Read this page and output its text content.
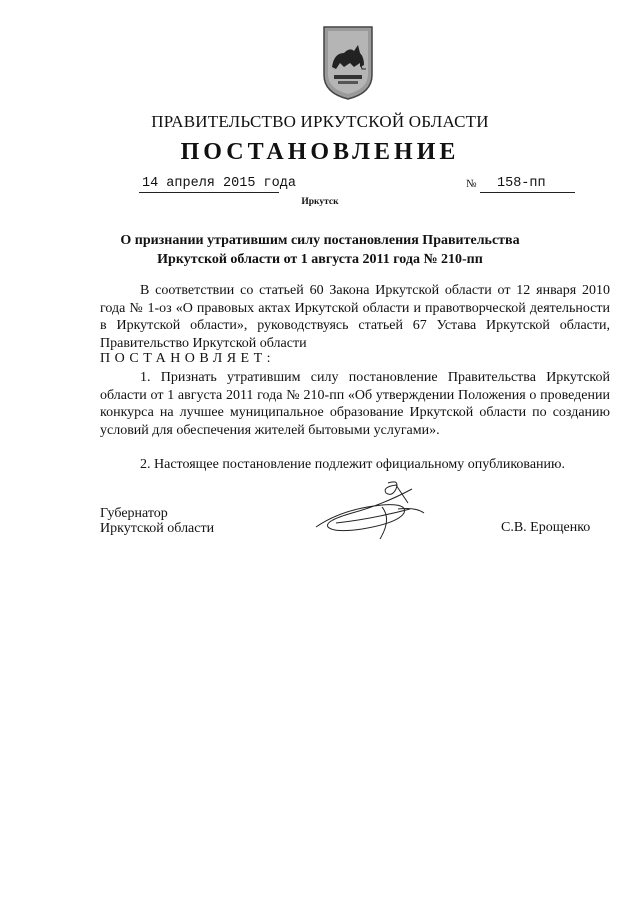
ПРАВИТЕЛЬСТВО ИРКУТСКОЙ ОБЛАСТИ
ПОСТАНОВЛЕНИЕ
14 апреля 2015 года	№ 158-пп
Иркутск
О признании утратившим силу постановления Правительства
Иркутской области от 1 августа 2011 года № 210-пп
В соответствии со статьей 60 Закона Иркутской области от 12 января 2010 года № 1-оз «О правовых актах Иркутской области и правотворческой деятельности в Иркутской области», руководствуясь статьей 67 Устава Иркутской области, Правительство Иркутской области
ПОСТАНОВЛЯЕТ:
1. Признать утратившим силу постановление Правительства Иркутской области от 1 августа 2011 года № 210-пп «Об утверждении Положения о проведении конкурса на лучшее муниципальное образование Иркутской области по созданию условий для обеспечения жителей бытовыми услугами».
2. Настоящее постановление подлежит официальному опубликованию.
Губернатор
Иркутской области	С.В. Ерощенко
